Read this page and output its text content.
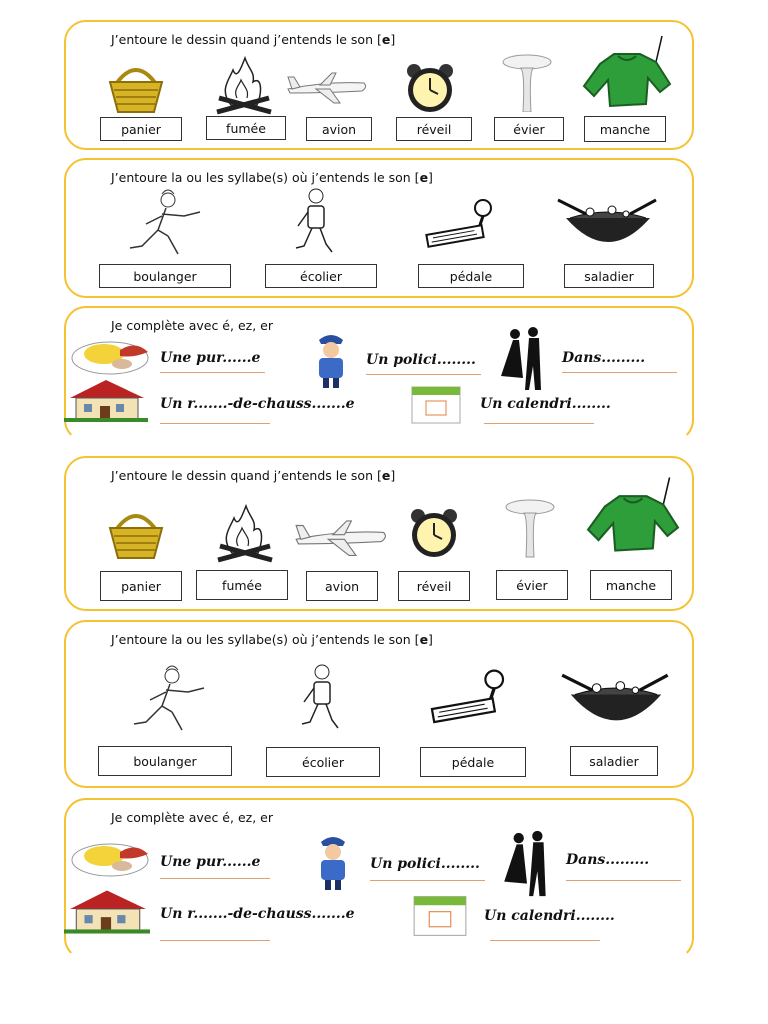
J’entoure le dessin quand j’entends le son [e]
panier	fumée	avion	réveil	évier	manche
J’entoure la ou les syllabe(s) où j’entends le son [e]
boulanger	écolier	pédale	saladier
Je complète avec é, ez, er
Une pur......e	Un polici........	Dans.........
Un r.......-de-chauss.......e	Un calendri........
J’entoure le dessin quand j’entends le son [e]
panier	fumée	avion	réveil	évier	manche
J’entoure la ou les syllabe(s) où j’entends le son [e]
boulanger	écolier	pédale	saladier
Je complète avec é, ez, er
Une pur......e	Un polici........	Dans.........
Un r.......-de-chauss.......e	Un calendri........
